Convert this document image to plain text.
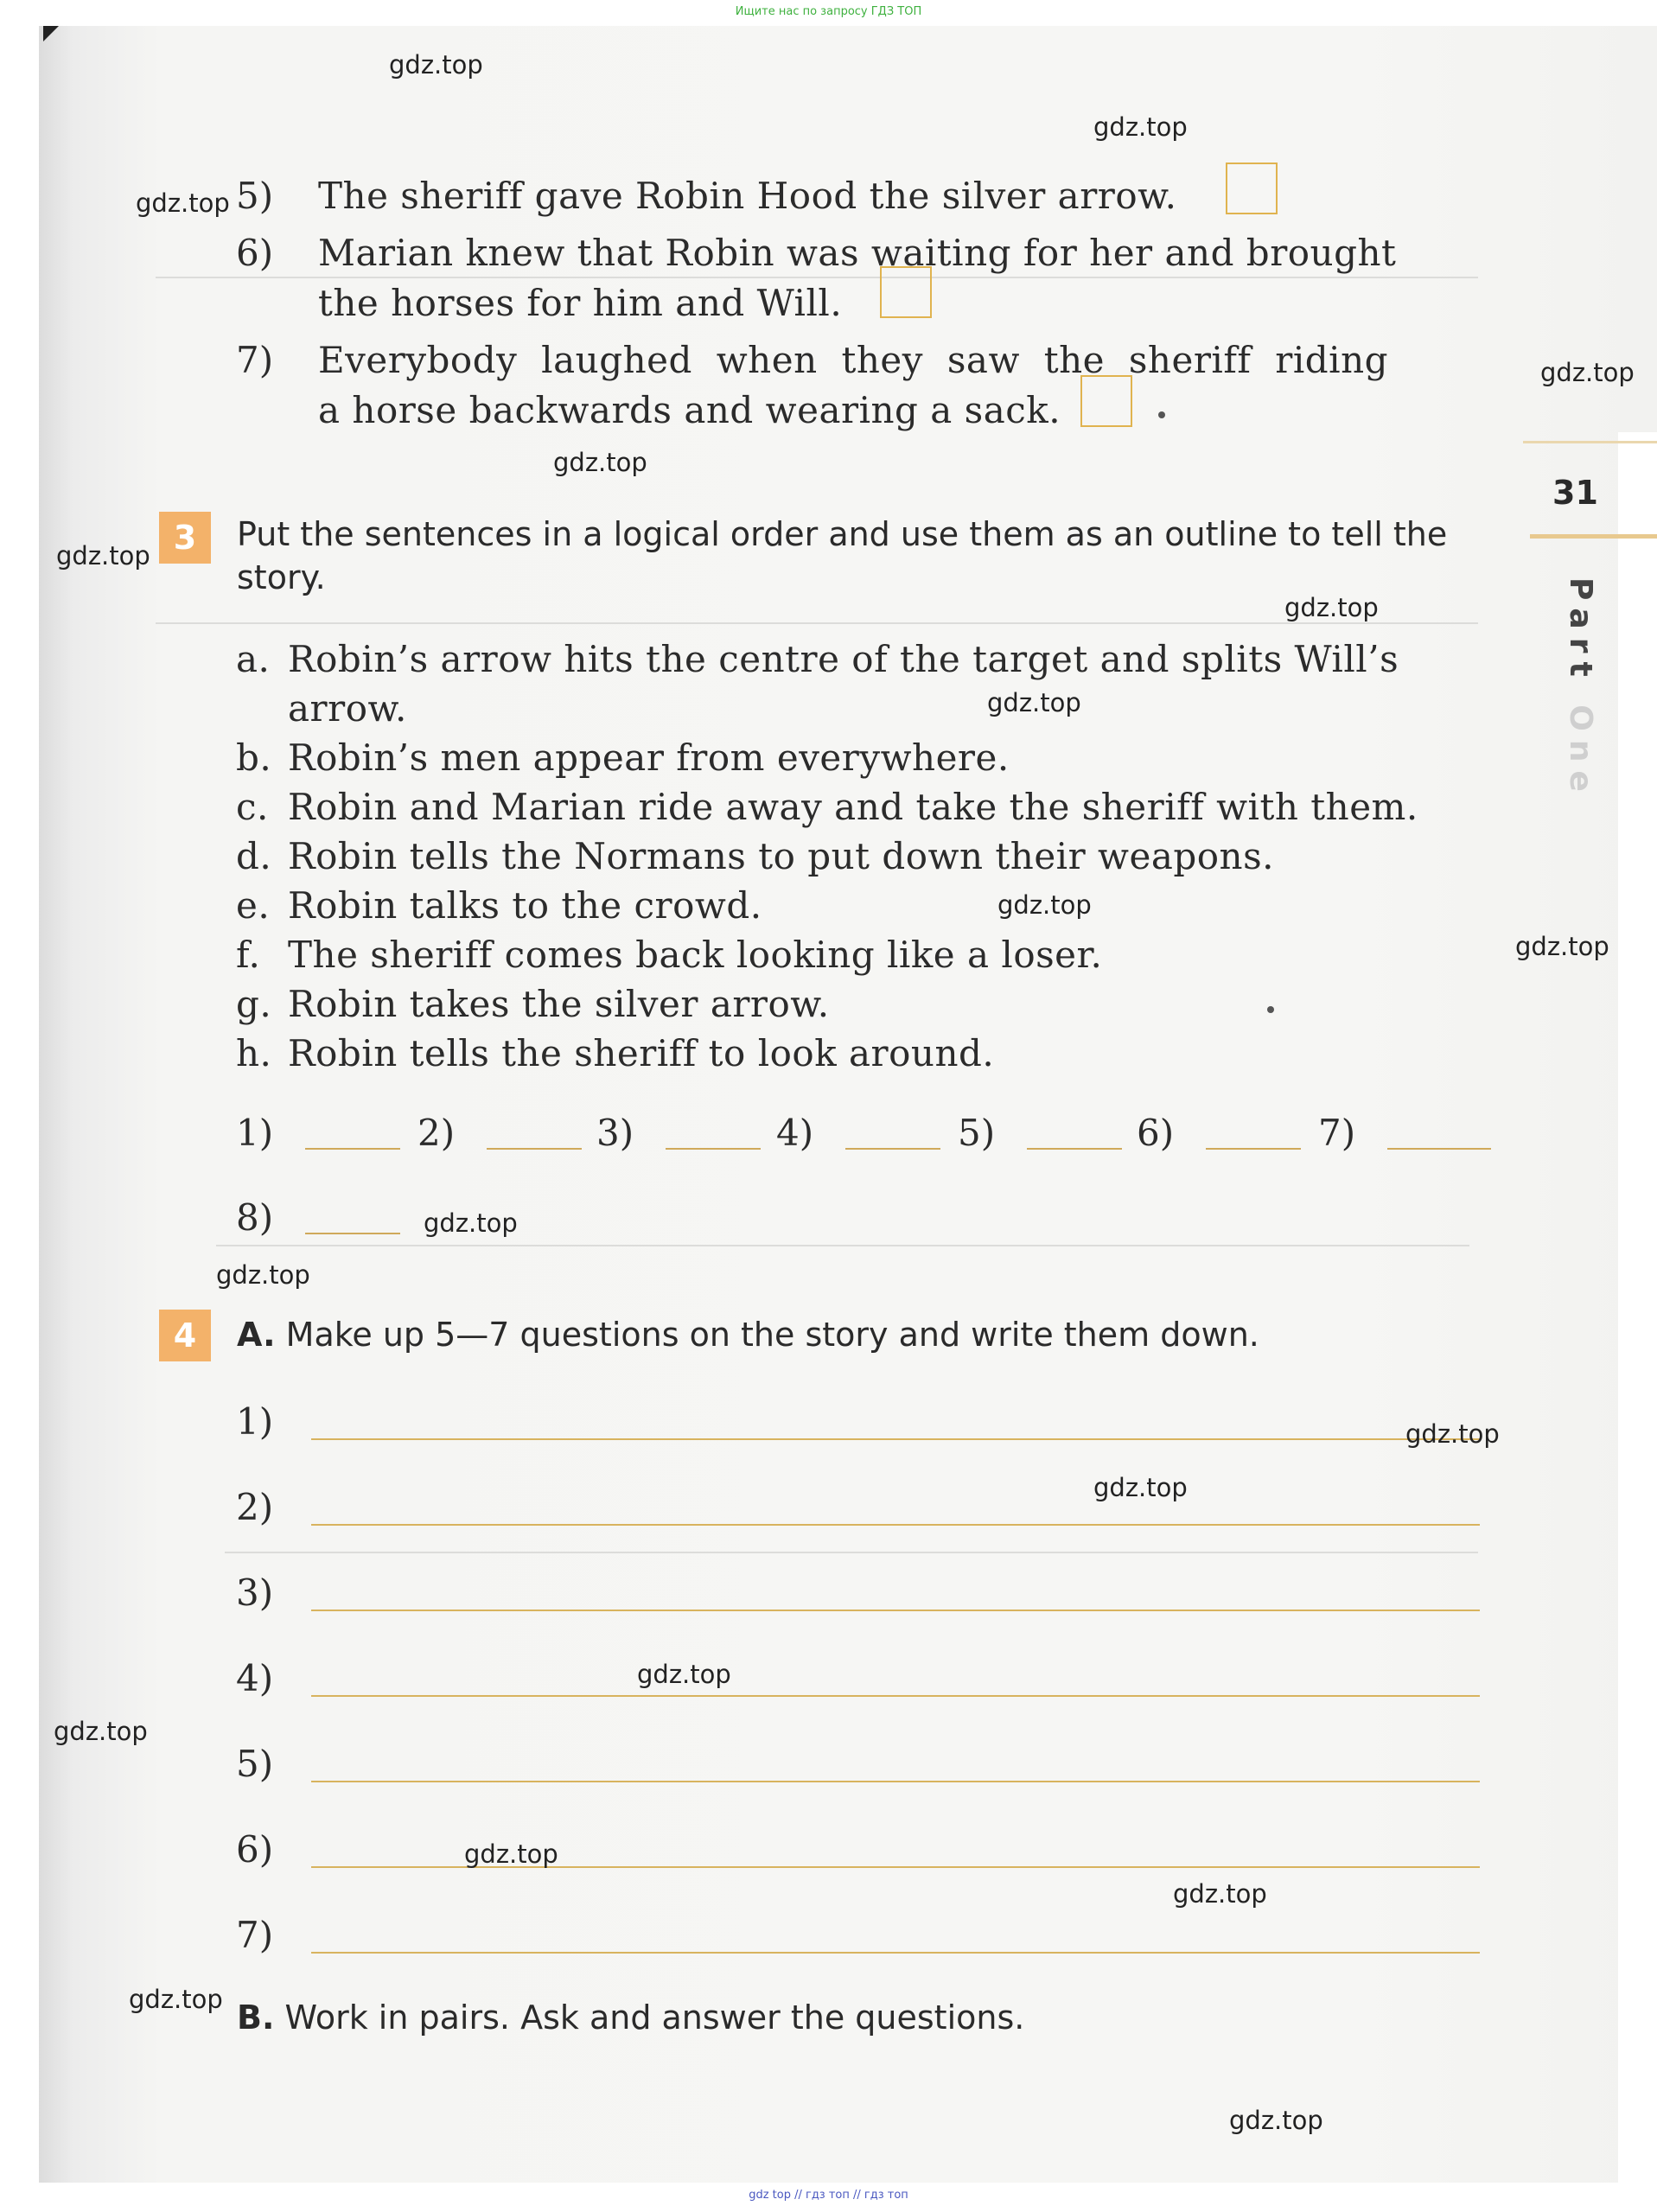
Ищите нас по запросу ГДЗ ТОП
5) The sheriff gave Robin Hood the silver arrow.
6) Marian knew that Robin was waiting for her and brought
the horses for him and Will.
7) Everybody laughed when they saw the sheriff riding
a horse backwards and wearing a sack.
3	Put the sentences in a logical order and use them as an outline to tell the
story.
a. Robin’s arrow hits the centre of the target and splits Will’s
arrow.
b. Robin’s men appear from everywhere.
c. Robin and Marian ride away and take the sheriff with them.
d. Robin tells the Normans to put down their weapons.
e. Robin talks to the crowd.
f. The sheriff comes back looking like a loser.
g. Robin takes the silver arrow.
h. Robin tells the sheriff to look around.
1)	2)	3)	4)	5)	6)	7)
8)
4	A. Make up 5—7 questions on the story and write them down.
1)
2)
3)
4)
5)
6)
7)
B. Work in pairs. Ask and answer the questions.
31
Part One
gdz.top
gdz.top
gdz.top
gdz.top
gdz.top
gdz.top
gdz.top
gdz.top
gdz.top
gdz.top
gdz.top
gdz.top
gdz.top
gdz.top
gdz.top
gdz.top
gdz.top
gdz.top
gdz.top
gdz.top
gdz top // гдз топ // гдз топ
